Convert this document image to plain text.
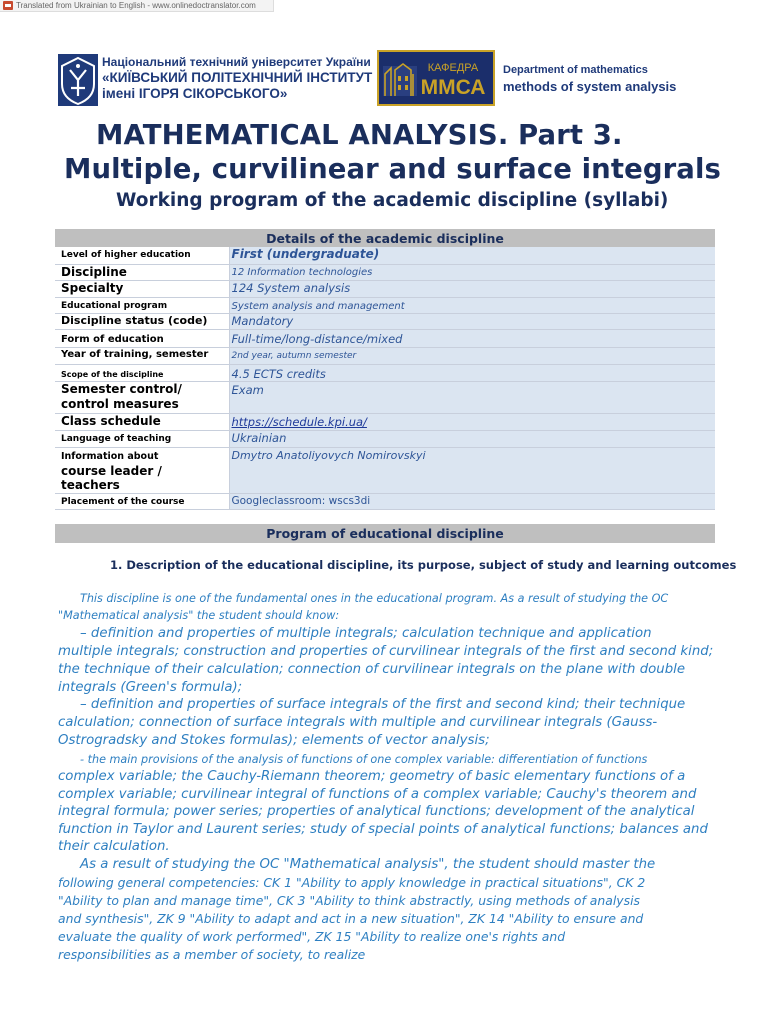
Translated from Ukrainian to English - www.onlinedoctranslator.com
Національний технічний університет України
«КИЇВСЬКИЙ ПОЛІТЕХНІЧНИЙ ІНСТИТУТ
імені ІГОРЯ СІКОРСЬКОГО»
КАФЕДРА
ММСА
Department of mathematics
methods of system analysis
MATHEMATICAL ANALYSIS. Part 3.
Multiple, curvilinear and surface integrals
Working program of the academic discipline (syllabi)
Details of the academic discipline	
Level of higher education	First (undergraduate)
Discipline	12 Information technologies
Specialty	124 System analysis
Educational program	System analysis and management
Discipline status (code)	Mandatory
Form of education	Full-time/long-distance/mixed
Year of training, semester	2nd year, autumn semester
Scope of the discipline	4.5 ECTS credits

Semester control/
control measures	Exam
Class schedule	https://schedule.kpi.ua/
Language of teaching	Ukrainian

Information about
course leader /
teachers	Dmytro Anatoliyovych Nomirovskyi
Placement of the course	Googleclassroom: wscs3di
Program of educational discipline
1. Description of the educational discipline, its purpose, subject of study and learning outcomes
This discipline is one of the fundamental ones in the educational program. As a result of studying the OC
"Mathematical analysis" the student should know:
– definition and properties of multiple integrals; calculation technique and application
multiple integrals; construction and properties of curvilinear integrals of the first and second kind;
the technique of their calculation; connection of curvilinear integrals on the plane with double
integrals (Green's formula);
– definition and properties of surface integrals of the first and second kind; their technique
calculation; connection of surface integrals with multiple and curvilinear integrals (Gauss-
Ostrogradsky and Stokes formulas); elements of vector analysis;
- the main provisions of the analysis of functions of one complex variable: differentiation of functions
complex variable; the Cauchy-Riemann theorem; geometry of basic elementary functions of a
complex variable; curvilinear integral of functions of a complex variable; Cauchy's theorem and
integral formula; power series; properties of analytical functions; development of the analytical
function in Taylor and Laurent series; study of special points of analytical functions; balances and
their calculation.
As a result of studying the OC "Mathematical analysis", the student should master the
following general competencies: CK 1 "Ability to apply knowledge in practical situations", CK 2
"Ability to plan and manage time", CK 3 "Ability to think abstractly, using methods of analysis
and synthesis", ZK 9 "Ability to adapt and act in a new situation", ZK 14 "Ability to ensure and
evaluate the quality of work performed", ZK 15 "Ability to realize one's rights and
responsibilities as a member of society, to realize
